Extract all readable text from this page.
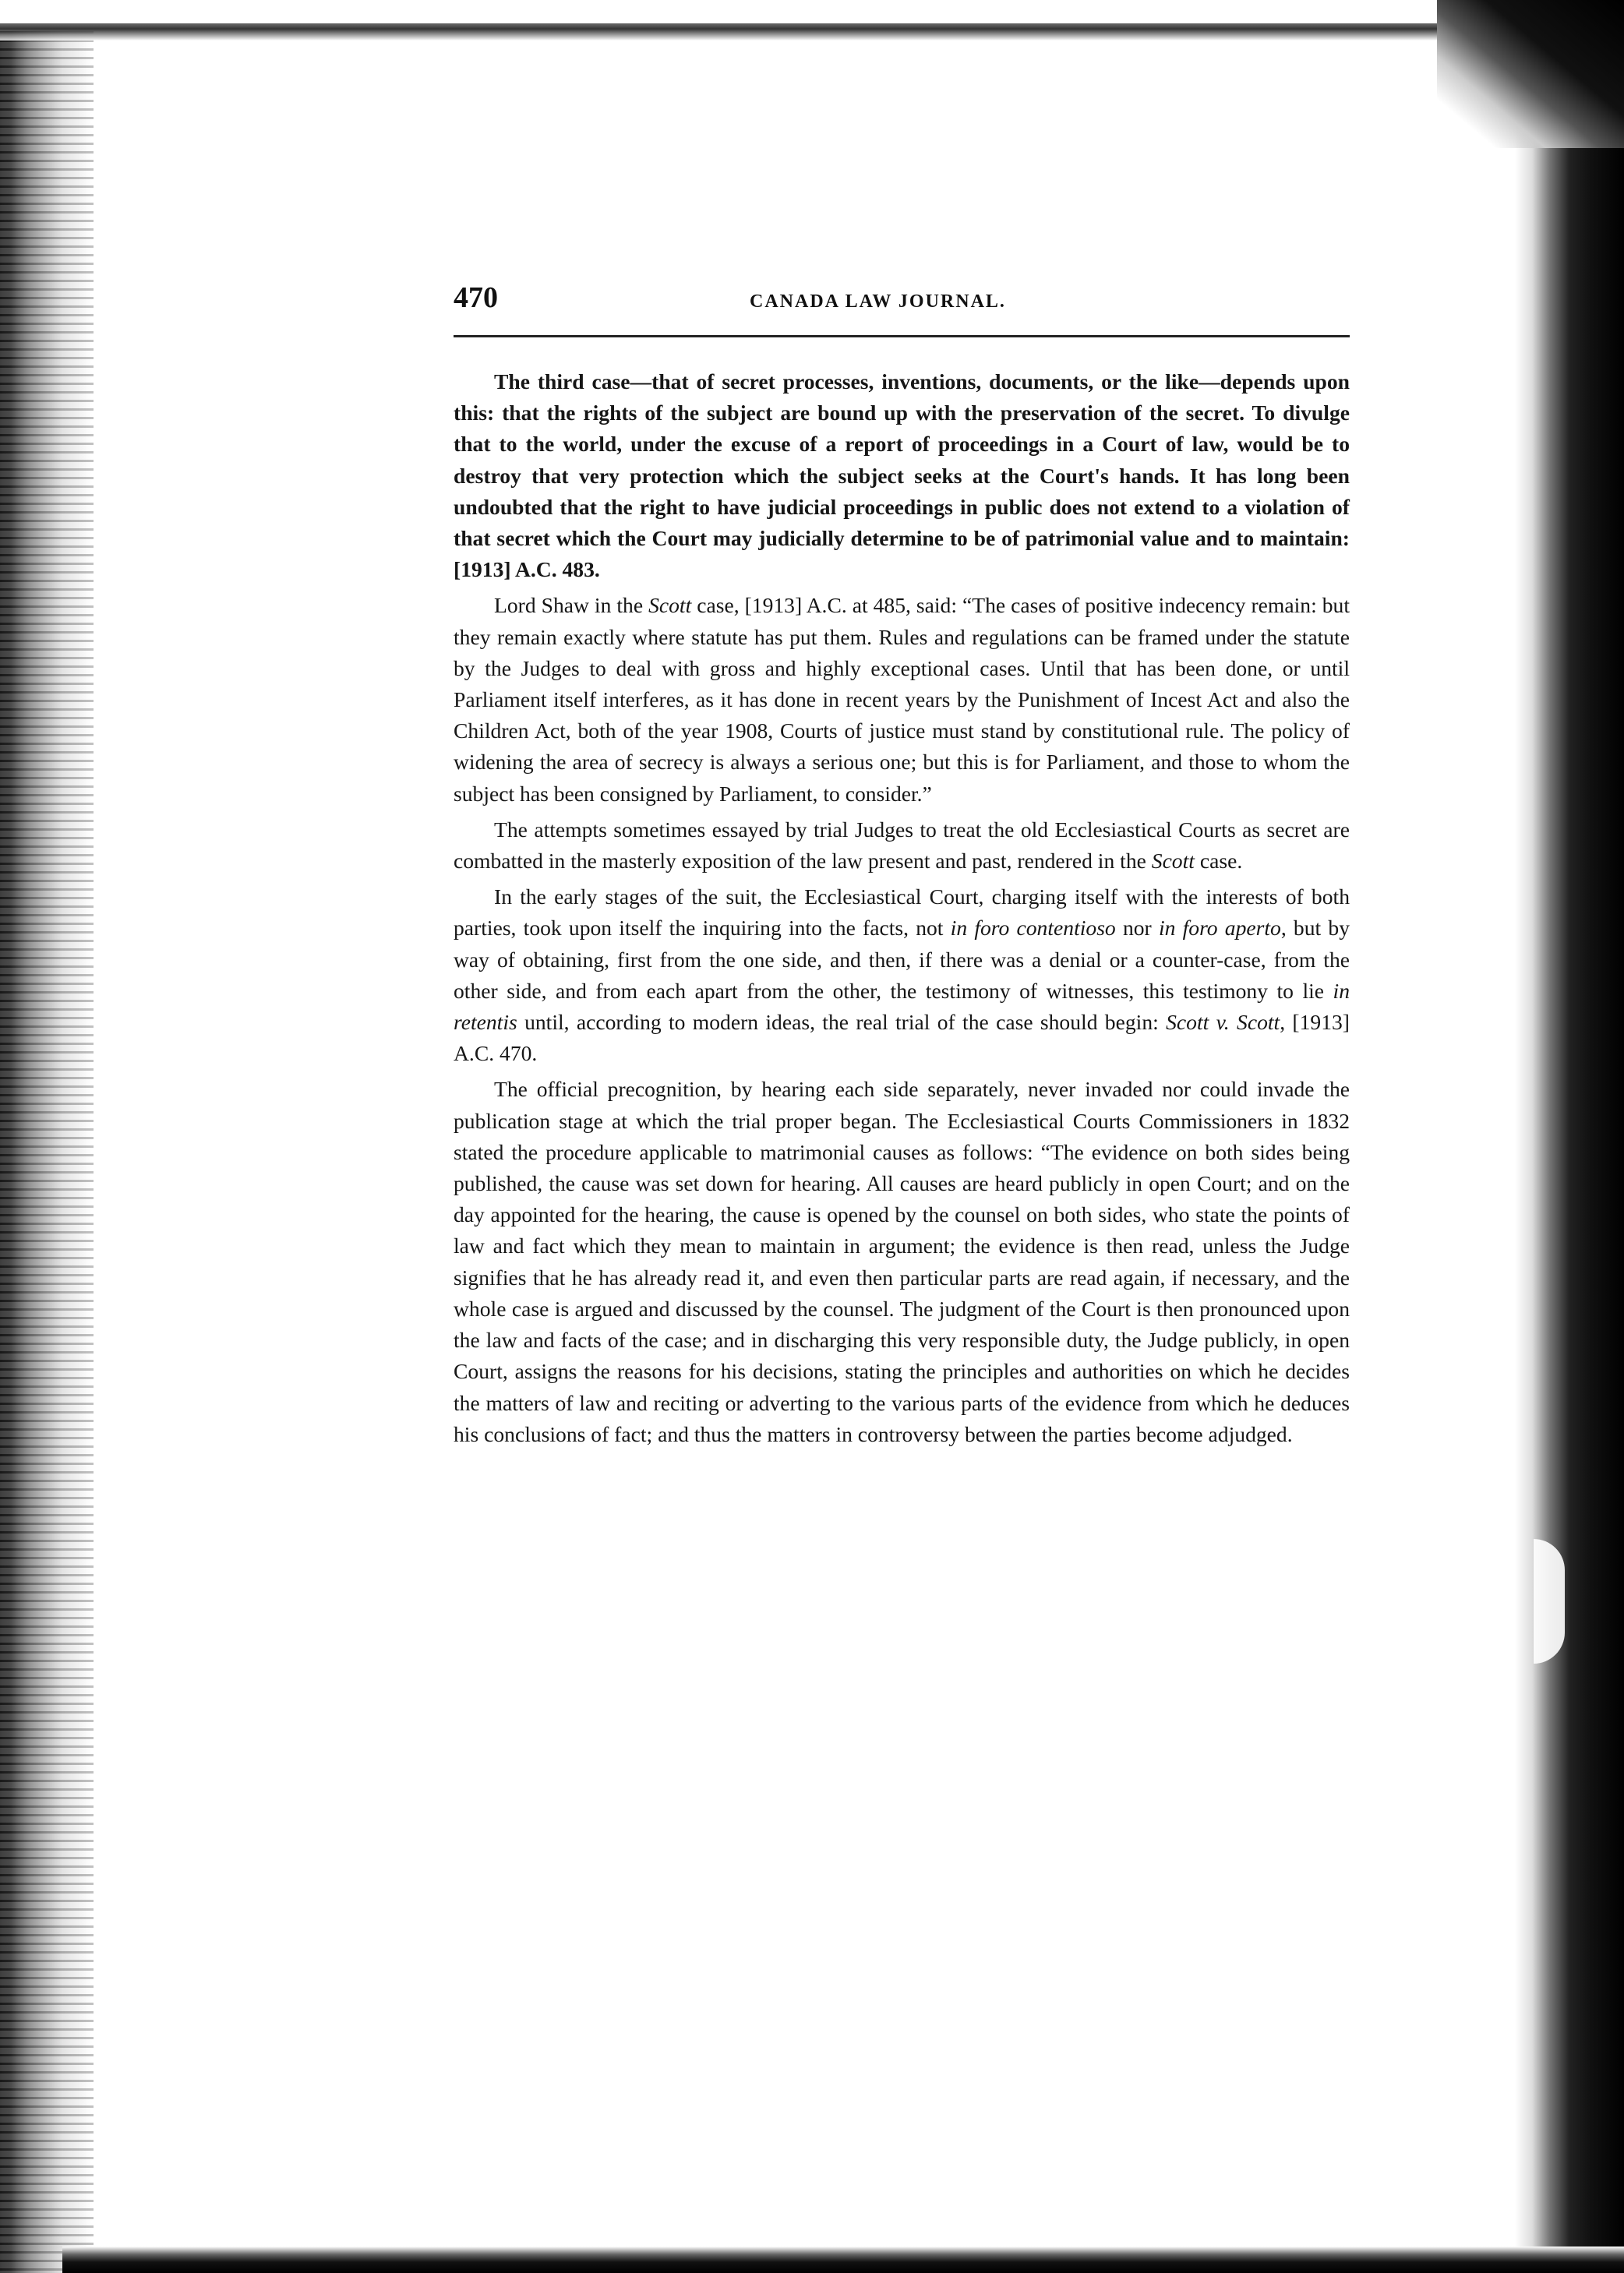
470	CANADA LAW JOURNAL.

The third case—that of secret processes, inventions, documents, or the like—depends upon this: that the rights of the subject are bound up with the preservation of the secret. To divulge that to the world, under the excuse of a report of proceedings in a Court of law, would be to destroy that very protection which the subject seeks at the Court's hands. It has long been undoubted that the right to have judicial proceedings in public does not extend to a violation of that secret which the Court may judicially determine to be of patrimonial value and to maintain: [1913] A.C. 483.

Lord Shaw in the Scott case, [1913] A.C. at 485, said: “The cases of positive indecency remain: but they remain exactly where statute has put them. Rules and regulations can be framed under the statute by the Judges to deal with gross and highly exceptional cases. Until that has been done, or until Parliament itself interferes, as it has done in recent years by the Punishment of Incest Act and also the Children Act, both of the year 1908, Courts of justice must stand by constitutional rule. The policy of widening the area of secrecy is always a serious one; but this is for Parliament, and those to whom the subject has been consigned by Parliament, to consider.”

The attempts sometimes essayed by trial Judges to treat the old Ecclesiastical Courts as secret are combatted in the masterly exposition of the law present and past, rendered in the Scott case.

In the early stages of the suit, the Ecclesiastical Court, charging itself with the interests of both parties, took upon itself the inquiring into the facts, not in foro contentioso nor in foro aperto, but by way of obtaining, first from the one side, and then, if there was a denial or a counter-case, from the other side, and from each apart from the other, the testimony of witnesses, this testimony to lie in retentis until, according to modern ideas, the real trial of the case should begin: Scott v. Scott, [1913] A.C. 470.

The official precognition, by hearing each side separately, never invaded nor could invade the publication stage at which the trial proper began. The Ecclesiastical Courts Commissioners in 1832 stated the procedure applicable to matrimonial causes as follows: “The evidence on both sides being published, the cause was set down for hearing. All causes are heard publicly in open Court; and on the day appointed for the hearing, the cause is opened by the counsel on both sides, who state the points of law and fact which they mean to maintain in argument; the evidence is then read, unless the Judge signifies that he has already read it, and even then particular parts are read again, if necessary, and the whole case is argued and discussed by the counsel. The judgment of the Court is then pronounced upon the law and facts of the case; and in discharging this very responsible duty, the Judge publicly, in open Court, assigns the reasons for his decisions, stating the principles and authorities on which he decides the matters of law and reciting or adverting to the various parts of the evidence from which he deduces his conclusions of fact; and thus the matters in controversy between the parties become adjudged.
